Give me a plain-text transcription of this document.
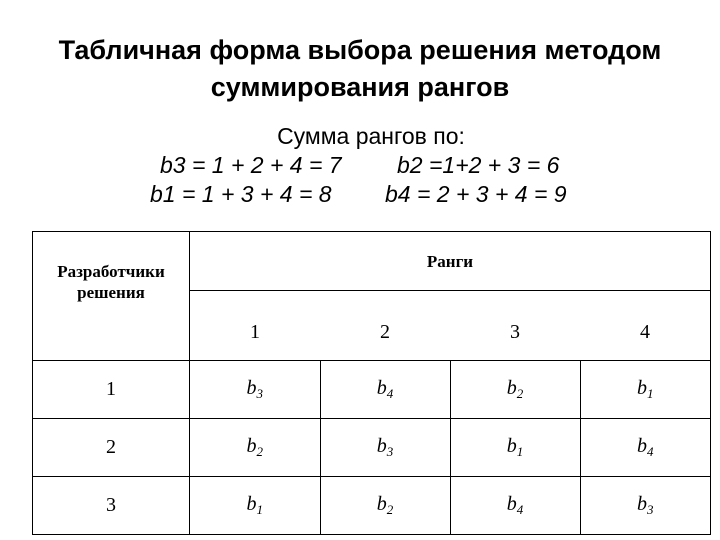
Табличная форма выбора решения методом
суммирования рангов
Сумма рангов по:
b3 = 1 + 2 + 4 = 7 b2 =1+2 + 3 = 6
b1 = 1 + 3 + 4 = 8 b4 = 2 + 3 + 4 = 9
Разработчики решения	Ранги			

	1	2	3	4
1	$b_3$	$b_4$	$b_2$	$b_1$
2	$b_2$	$b_3$	$b_1$	$b_4$
3	$b_1$	$b_2$	$b_4$	$b_3$
